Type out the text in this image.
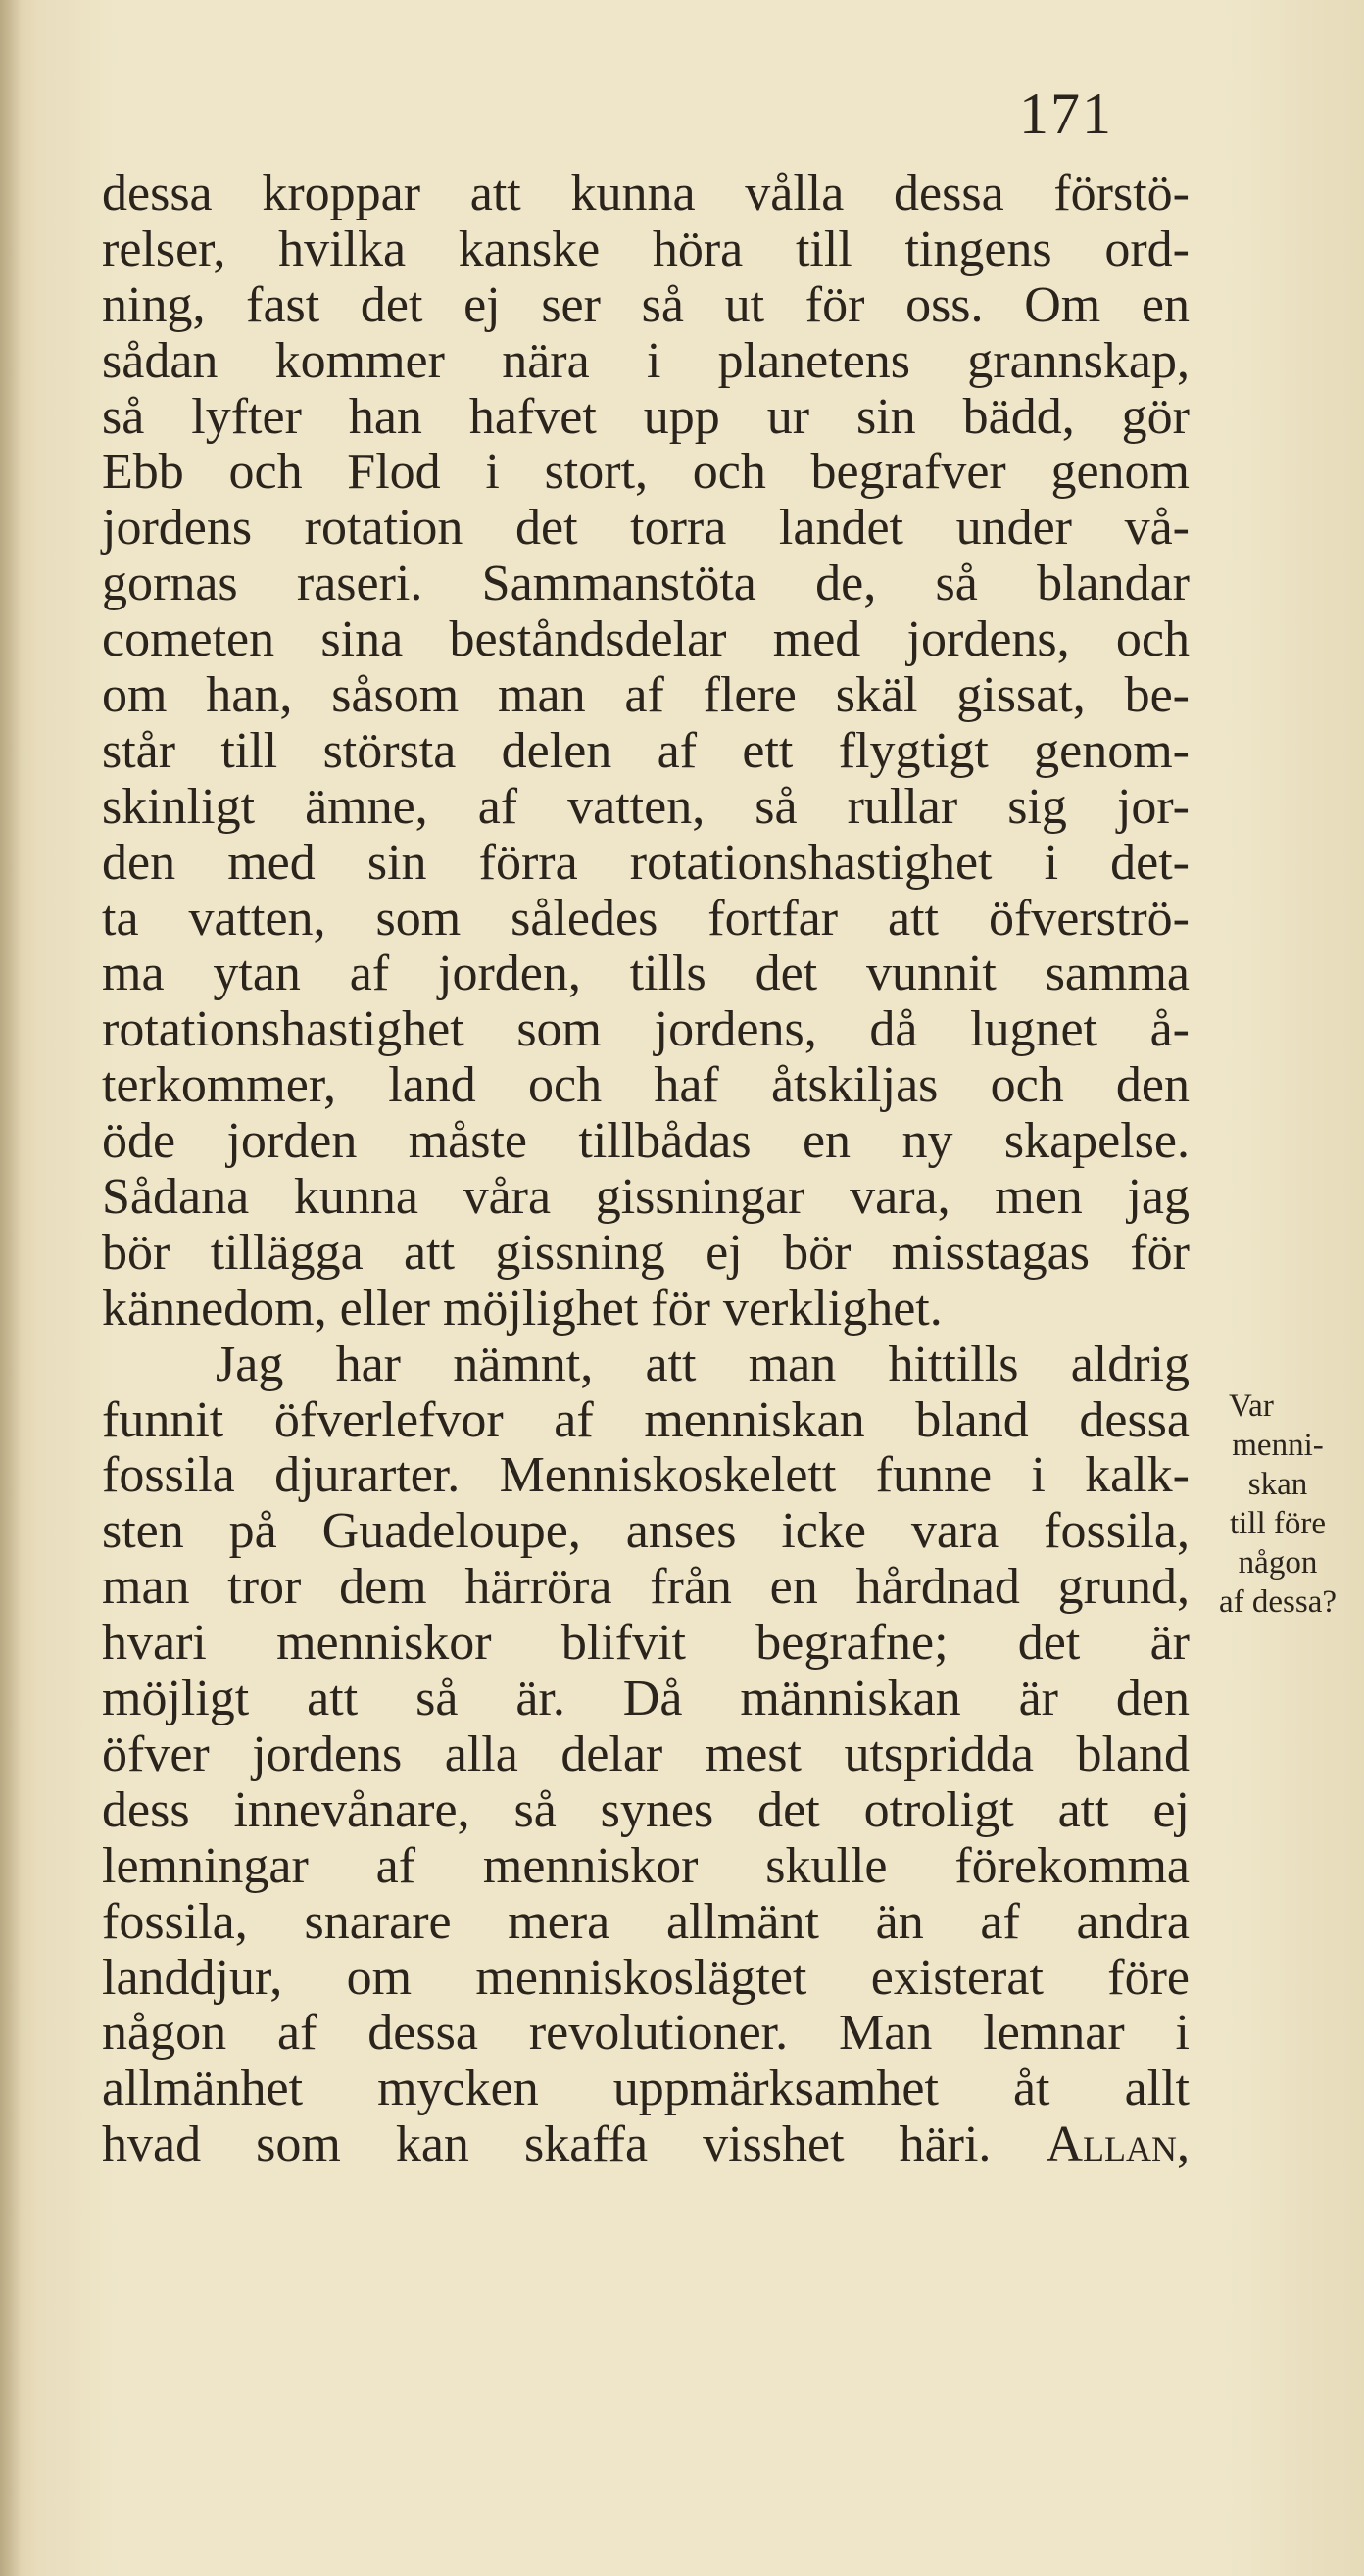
171
dessa kroppar att kunna vålla dessa förstö-
relser, hvilka kanske höra till tingens ord-
ning, fast det ej ser så ut för oss. Om en
sådan kommer nära i planetens grannskap,
så lyfter han hafvet upp ur sin bädd, gör
Ebb och Flod i stort, och begrafver genom
jordens rotation det torra landet under vå-
gornas raseri. Sammanstöta de, så blandar
cometen sina beståndsdelar med jordens, och
om han, såsom man af flere skäl gissat, be-
står till största delen af ett flygtigt genom-
skinligt ämne, af vatten, så rullar sig jor-
den med sin förra rotationshastighet i det-
ta vatten, som således fortfar att öfverströ-
ma ytan af jorden, tills det vunnit samma
rotationshastighet som jordens, då lugnet å-
terkommer, land och haf åtskiljas och den
öde jorden måste tillbådas en ny skapelse.
Sådana kunna våra gissningar vara, men jag
bör tillägga att gissning ej bör misstagas för
kännedom, eller möjlighet för verklighet.
Jag har nämnt, att man hittills aldrig
funnit öfverlefvor af menniskan bland dessa
fossila djurarter. Menniskoskelett funne i kalk-
sten på Guadeloupe, anses icke vara fossila,
man tror dem härröra från en hårdnad grund,
hvari menniskor blifvit begrafne; det är
möjligt att så är. Då människan är den
öfver jordens alla delar mest utspridda bland
dess innevånare, så synes det otroligt att ej
lemningar af menniskor skulle förekomma
fossila, snarare mera allmänt än af andra
landdjur, om menniskoslägtet existerat före
någon af dessa revolutioner. Man lemnar i
allmänhet mycken uppmärksamhet åt allt
hvad som kan skaffa visshet häri. Allan,
Var
menni-
skan
till före
någon
af dessa?
